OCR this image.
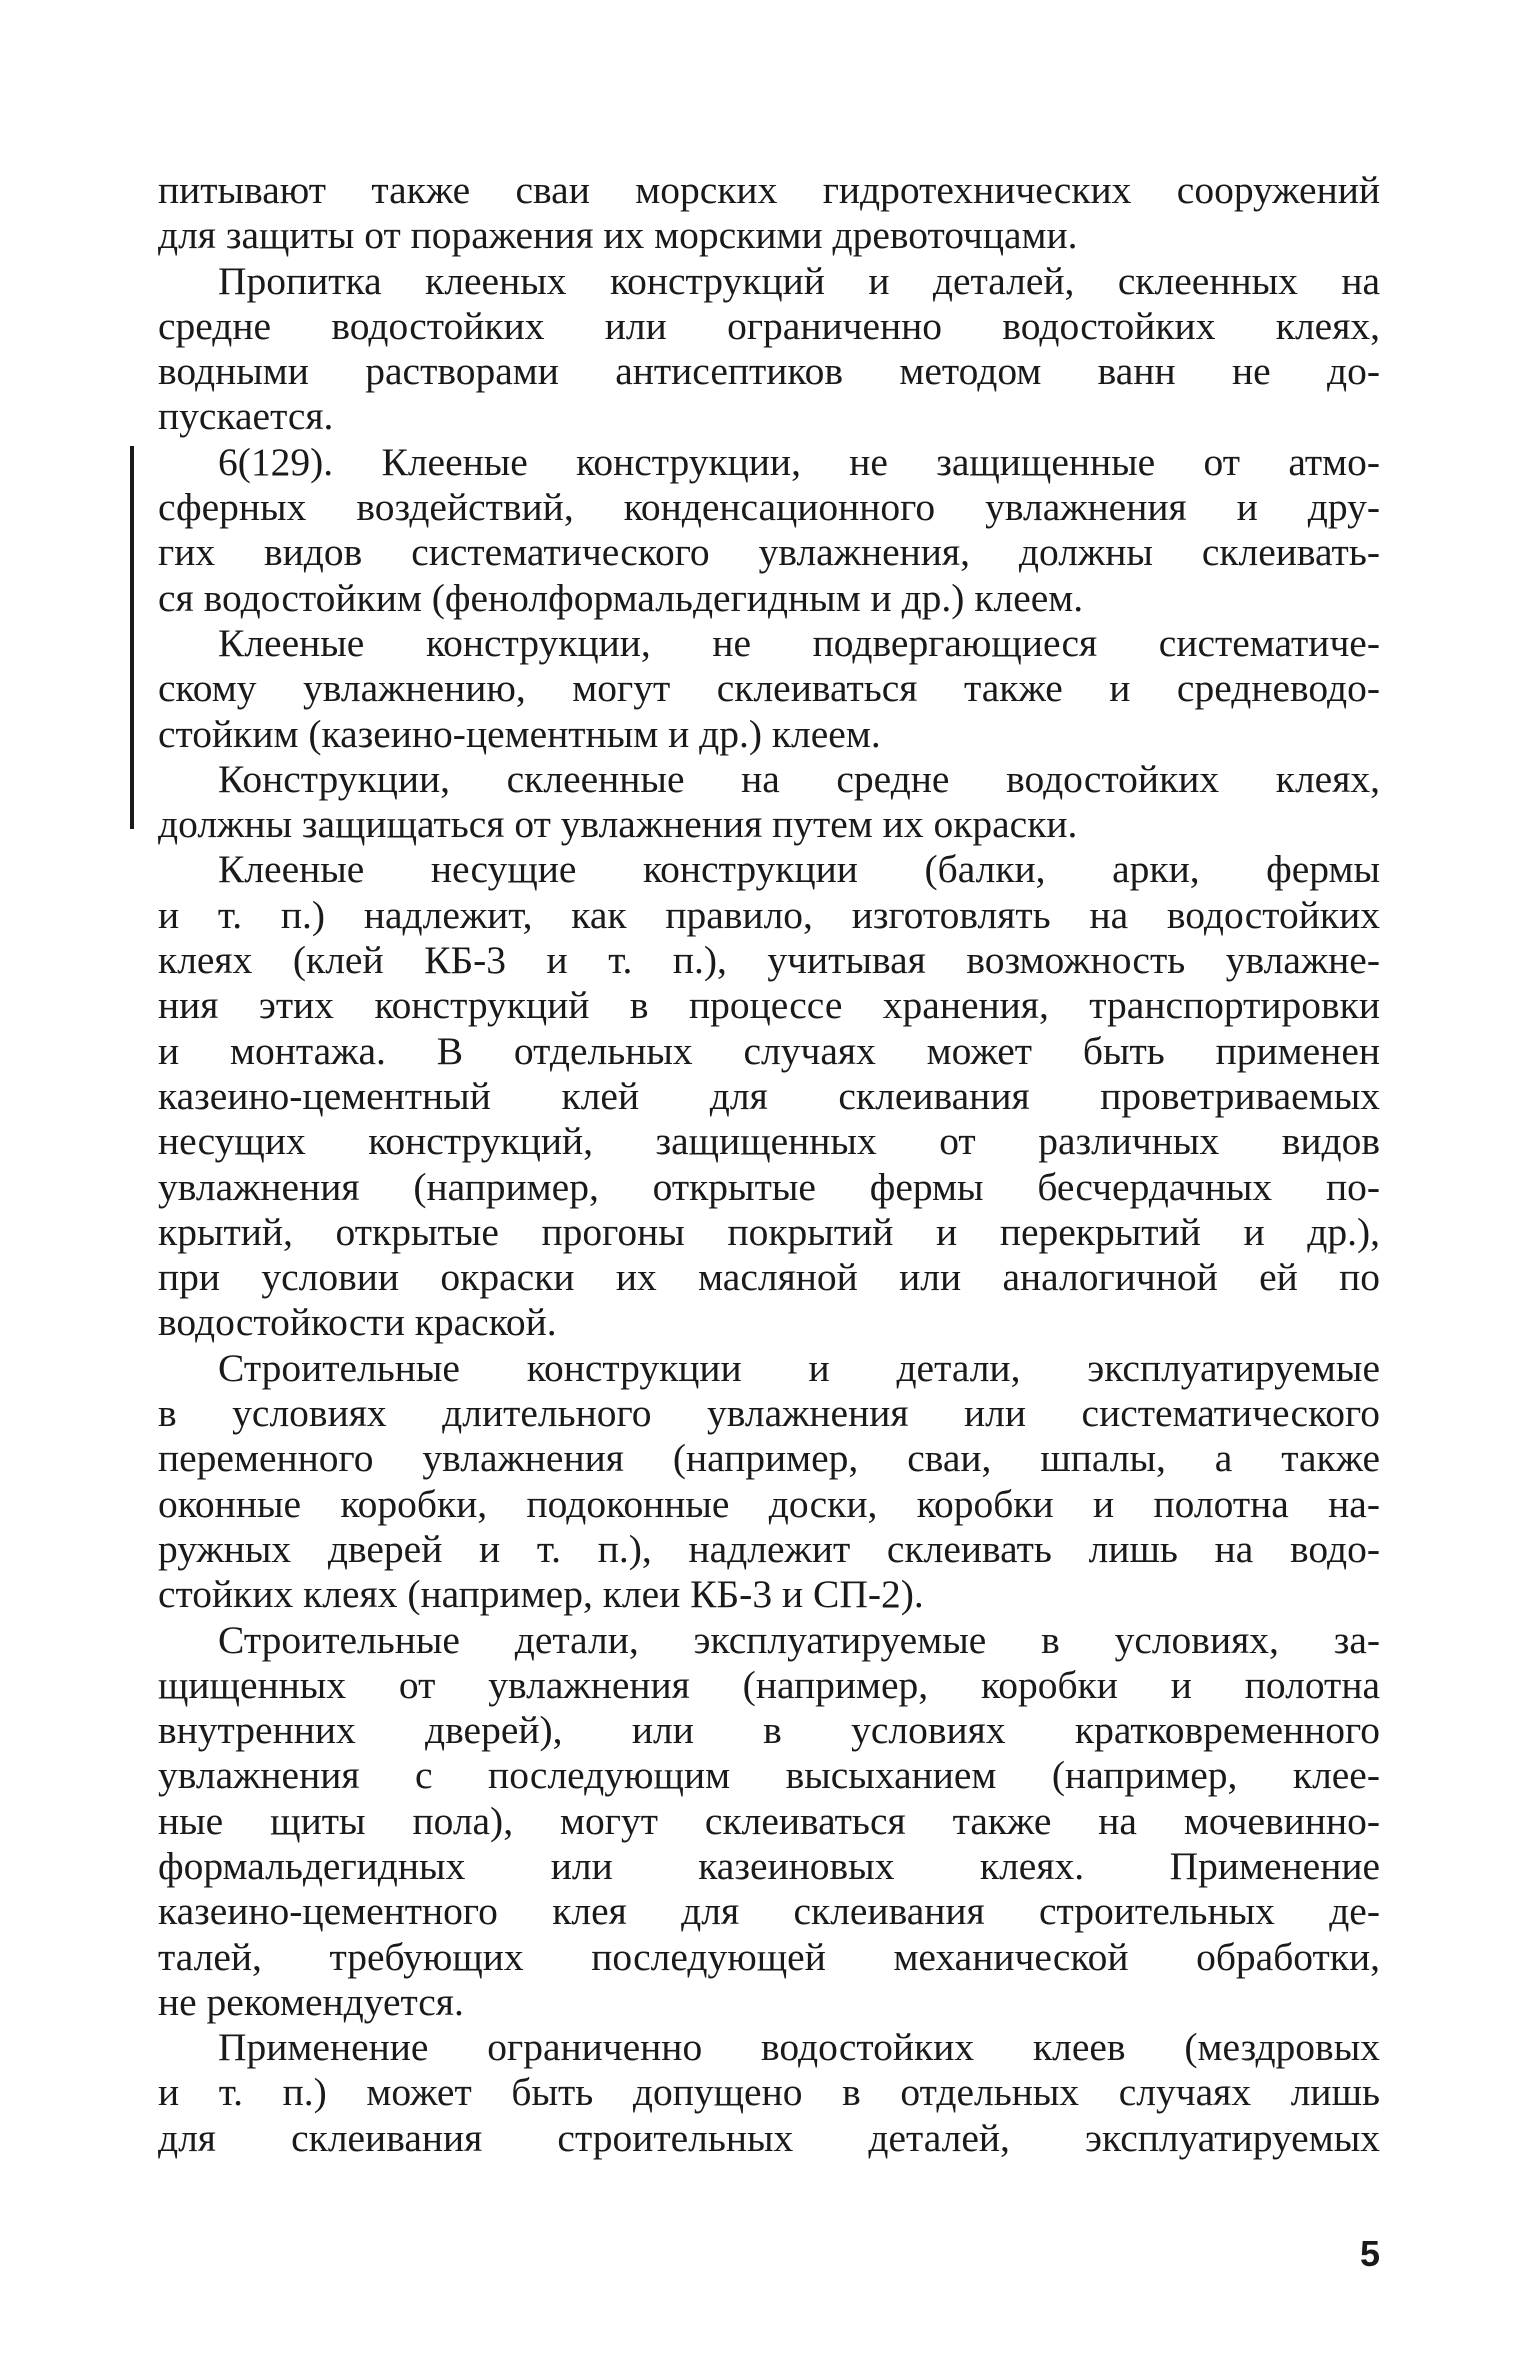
питывают также сваи морских гидротехнических сооружений
для защиты от поражения их морскими древоточцами.

Пропитка клееных конструкций и деталей, склеенных на
средне водостойких или ограниченно водостойких клеях,
водными растворами антисептиков методом ванн не до-
пускается.

6(129). Клееные конструкции, не защищенные от атмо-
сферных воздействий, конденсационного увлажнения и дру-
гих видов систематического увлажнения, должны склеивать-
ся водостойким (фенолформальдегидным и др.) клеем.

Клееные конструкции, не подвергающиеся систематиче-
скому увлажнению, могут склеиваться также и средневодо-
стойким (казеино-цементным и др.) клеем.

Конструкции, склеенные на средне водостойких клеях,
должны защищаться от увлажнения путем их окраски.

Клееные несущие конструкции (балки, арки, фермы
и т. п.) надлежит, как правило, изготовлять на водостойких
клеях (клей КБ-3 и т. п.), учитывая возможность увлажне-
ния этих конструкций в процессе хранения, транспортировки
и монтажа. В отдельных случаях может быть применен
казеино-цементный клей для склеивания проветриваемых
несущих конструкций, защищенных от различных видов
увлажнения (например, открытые фермы бесчердачных по-
крытий, открытые прогоны покрытий и перекрытий и др.),
при условии окраски их масляной или аналогичной ей по
водостойкости краской.

Строительные конструкции и детали, эксплуатируемые
в условиях длительного увлажнения или систематического
переменного увлажнения (например, сваи, шпалы, а также
оконные коробки, подоконные доски, коробки и полотна на-
ружных дверей и т. п.), надлежит склеивать лишь на водо-
стойких клеях (например, клеи КБ-3 и СП-2).

Строительные детали, эксплуатируемые в условиях, за-
щищенных от увлажнения (например, коробки и полотна
внутренних дверей), или в условиях кратковременного
увлажнения с последующим высыханием (например, клее-
ные щиты пола), могут склеиваться также на мочевинно-
формальдегидных или казеиновых клеях. Применение
казеино-цементного клея для склеивания строительных де-
талей, требующих последующей механической обработки,
не рекомендуется.

Применение ограниченно водостойких клеев (мездровых
и т. п.) может быть допущено в отдельных случаях лишь
для склеивания строительных деталей, эксплуатируемых

5
